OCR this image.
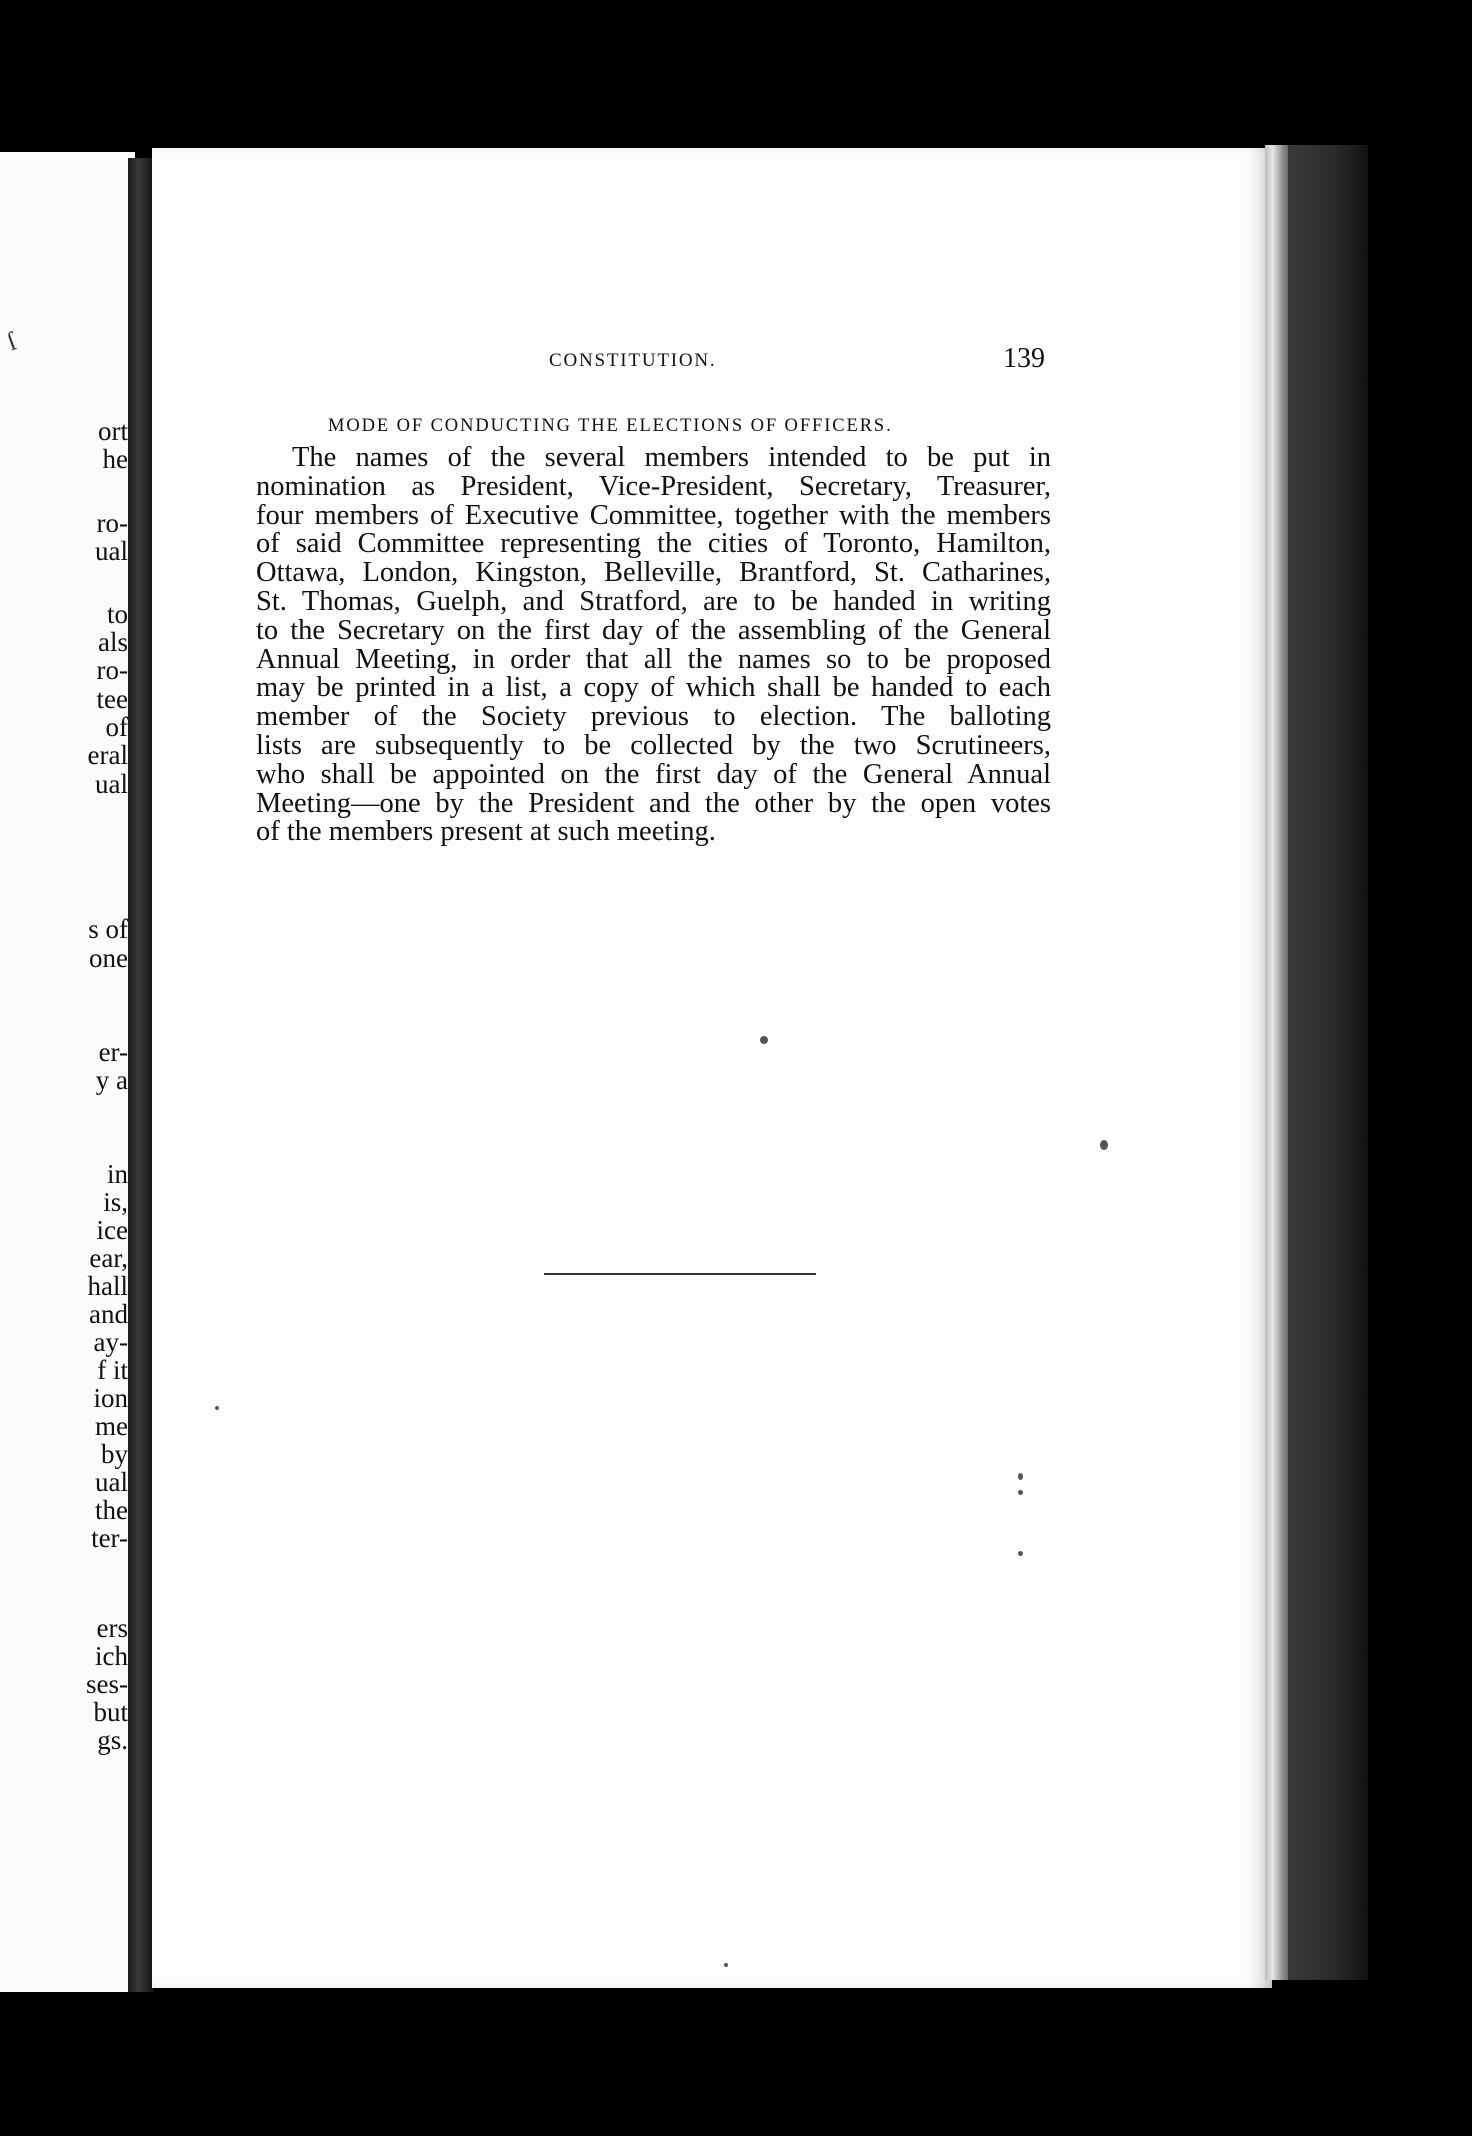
ſ
ort
he
ro-
ual
to
als
ro-
tee
of
eral
ual
s of
one
er-
y a
in
is,
ice
ear,
hall
and
ay-
f it
ion
me
by
ual
the
ter-
ers
ich
ses-
but
gs.
CONSTITUTION.	139
MODE OF CONDUCTING THE ELECTIONS OF OFFICERS.

The names of the several members intended to be put in
nomination as President, Vice-President, Secretary, Treasurer,
four members of Executive Committee, together with the members
of said Committee representing the cities of Toronto, Hamilton,
Ottawa, London, Kingston, Belleville, Brantford, St. Catharines,
St. Thomas, Guelph, and Stratford, are to be handed in writing
to the Secretary on the first day of the assembling of the General
Annual Meeting, in order that all the names so to be proposed
may be printed in a list, a copy of which shall be handed to each
member of the Society previous to election. The balloting
lists are subsequently to be collected by the two Scrutineers,
who shall be appointed on the first day of the General Annual
Meeting—one by the President and the other by the open votes
of the members present at such meeting.
